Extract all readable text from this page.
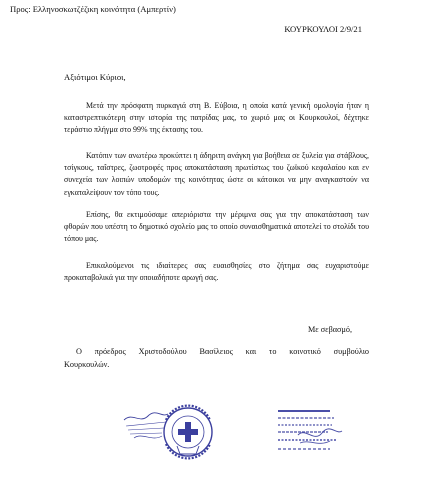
Προς: Ελληνοσκωτζέζικη κοινότητα (Αμπερτίν)
ΚΟΥΡΚΟΥΛΟΙ 2/9/21
Αξιότιμοι Κύριοι,

Μετά την πρόσφατη πυρκαγιά στη Β. Εύβοια, η οποία κατά γενική ομολογία ήταν η καταστρεπτικότερη στην ιστορία της πατρίδας μας, το χωριό μας οι Κουρκουλοί, δέχτηκε τεράστιο πλήγμα στο 99% της έκτασης του.

Κατόπιν των ανωτέρω προκύπτει η άδηριτη ανάγκη για βοήθεια σε ξυλεία για στάβλους, τσίγκους, ταΐστρες, ζωοτροφές προς αποκατάσταση πρωτίστως του ζωϊκού κεφαλαίου και εν συνεχεία των λοιπών υποδομών της κοινότητας ώστε οι κάτοικοι να μην αναγκαστούν να εγκαταλείψουν τον τόπο τους.

Επίσης, θα εκτιμούσαμε απεριόριστα την μέριμνα σας για την αποκατάσταση των φθορών που υπέστη το δημοτικό σχολείο μας το οποίο συναισθηματικά αποτελεί το στολίδι του τόπου μας.

Επικαλούμενοι τις ιδιαίτερες σας ευαισθησίες στο ζήτημα σας ευχαριστούμε προκαταβολικά για την οποιαδήποτε αρωγή σας.

Με σεβασμό,
Ο πρόεδρος Χριστοδούλου Βασίλειος και το κοινοτικό συμβούλιο
Κουρκουλών.
